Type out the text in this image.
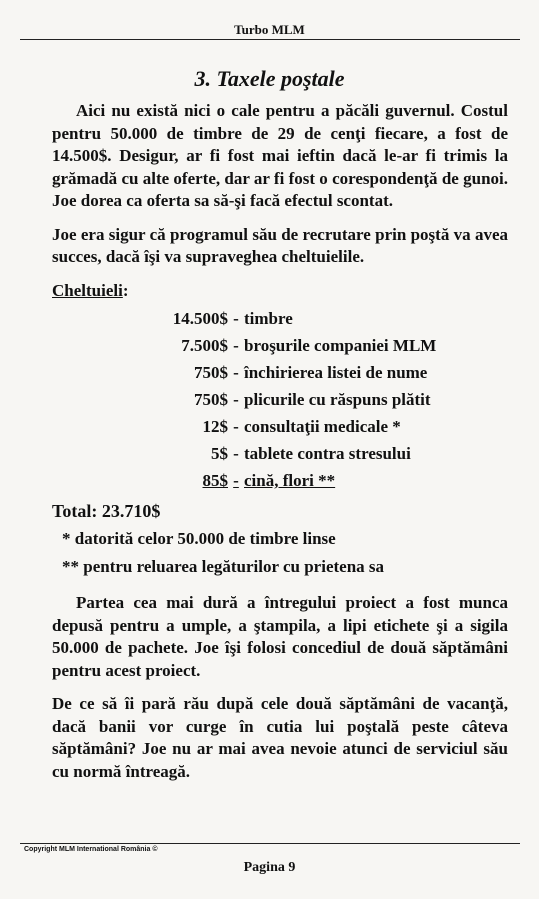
Turbo MLM
3. Taxele poştale

Aici nu există nici o cale pentru a păcăli guvernul. Costul pentru 50.000 de timbre de 29 de cenţi fiecare, a fost de 14.500$. Desigur, ar fi fost mai ieftin dacă le-ar fi trimis la grămadă cu alte oferte, dar ar fi fost o corespondenţă de gunoi. Joe dorea ca oferta sa să-şi facă efectul scontat.

Joe era sigur că programul său de recrutare prin poştă va avea succes, dacă îşi va supraveghea cheltuielile.

Cheltuieli:
14.500$ - timbre
7.500$ - broşurile companiei MLM
750$ - închirierea listei de nume
750$ - plicurile cu răspuns plătit
12$ - consultaţii medicale *
5$ - tablete contra stresului
85$ - cină, flori **
Total: 23.710$
* datorită celor 50.000 de timbre linse
** pentru reluarea legăturilor cu prietena sa

Partea cea mai dură a întregului proiect a fost munca depusă pentru a umple, a ştampila, a lipi etichete şi a sigila 50.000 de pachete. Joe îşi folosi concediul de două săptămâni pentru acest proiect.

De ce să îi pară rău după cele două săptămâni de vacanţă, dacă banii vor curge în cutia lui poştală peste câteva săptămâni? Joe nu ar mai avea nevoie atunci de serviciul său cu normă întreagă.

Copyright MLM International România ©
Pagina 9
